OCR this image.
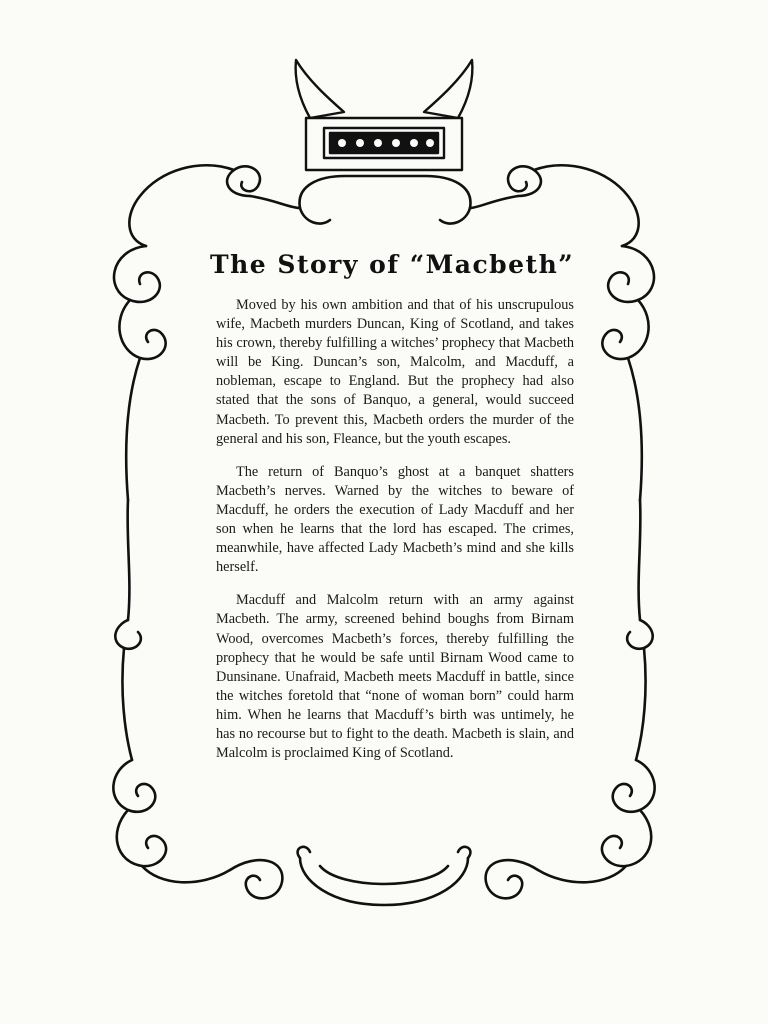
The Story of “Macbeth”

Moved by his own ambition and that of his unscrupulous wife, Macbeth murders Duncan, King of Scotland, and takes his crown, thereby fulfilling a witches’ prophecy that Macbeth will be King. Duncan’s son, Malcolm, and Macduff, a nobleman, escape to England. But the prophecy had also stated that the sons of Banquo, a general, would succeed Macbeth. To prevent this, Macbeth orders the murder of the general and his son, Fleance, but the youth escapes.

The return of Banquo’s ghost at a banquet shatters Macbeth’s nerves. Warned by the witches to beware of Macduff, he orders the execution of Lady Macduff and her son when he learns that the lord has escaped. The crimes, meanwhile, have affected Lady Macbeth’s mind and she kills herself.

Macduff and Malcolm return with an army against Macbeth. The army, screened behind boughs from Birnam Wood, overcomes Macbeth’s forces, thereby fulfilling the prophecy that he would be safe until Birnam Wood came to Dunsinane. Unafraid, Macbeth meets Macduff in battle, since the witches foretold that “none of woman born” could harm him. When he learns that Macduff’s birth was untimely, he has no recourse but to fight to the death. Macbeth is slain, and Malcolm is proclaimed King of Scotland.
